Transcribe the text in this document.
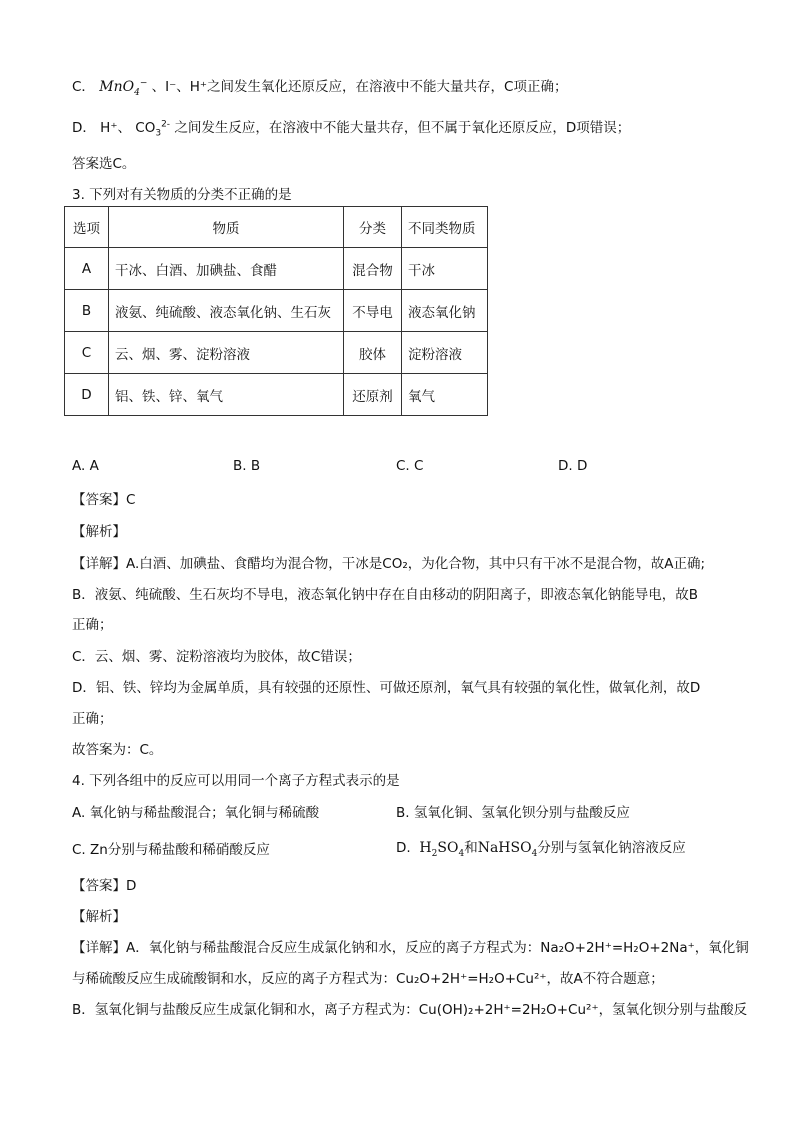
C． MnO$_4$− 、I⁻、H⁺之间发生氧化还原反应，在溶液中不能大量共存，C项正确；
D． H⁺、 $CO_3^{2-}$ 之间发生反应，在溶液中不能大量共存，但不属于氧化还原反应，D项错误；
答案选C。
3. 下列对有关物质的分类不正确的是
选项	物质	分类	不同类物质
A	干冰、白酒、加碘盐、食醋	混合物	干冰
B	液氨、纯硫酸、液态氧化钠、生石灰	不导电	液态氧化钠
C	云、烟、雾、淀粉溶液	胶体	淀粉溶液
D	铝、铁、锌、氧气	还原剂	氧气
A. A	B. B	C. C	D. D
【答案】C
【解析】
【详解】A.白酒、加碘盐、食醋均为混合物，干冰是CO₂，为化合物，其中只有干冰不是混合物，故A正确;
B．液氨、纯硫酸、生石灰均不导电，液态氧化钠中存在自由移动的阴阳离子，即液态氧化钠能导电，故B
正确；
C．云、烟、雾、淀粉溶液均为胶体，故C错误；
D．铝、铁、锌均为金属单质，具有较强的还原性、可做还原剂，氧气具有较强的氧化性，做氧化剂，故D
正确；
故答案为：C。
4. 下列各组中的反应可以用同一个离子方程式表示的是
A. 氧化钠与稀盐酸混合；氧化铜与稀硫酸	B. 氢氧化铜、氢氧化钡分别与盐酸反应
C. Zn分别与稀盐酸和稀硝酸反应	D.  $H_2SO_4$和NaHSO$_4$分别与氢氧化钠溶液反应
【答案】D
【解析】
【详解】A．氧化钠与稀盐酸混合反应生成氯化钠和水，反应的离子方程式为：Na₂O+2H⁺=H₂O+2Na⁺，氧化铜
与稀硫酸反应生成硫酸铜和水，反应的离子方程式为：Cu₂O+2H⁺=H₂O+Cu²⁺，故A不符合题意；
B．氢氧化铜与盐酸反应生成氯化铜和水，离子方程式为：Cu(OH)₂+2H⁺=2H₂O+Cu²⁺，氢氧化钡分别与盐酸反
